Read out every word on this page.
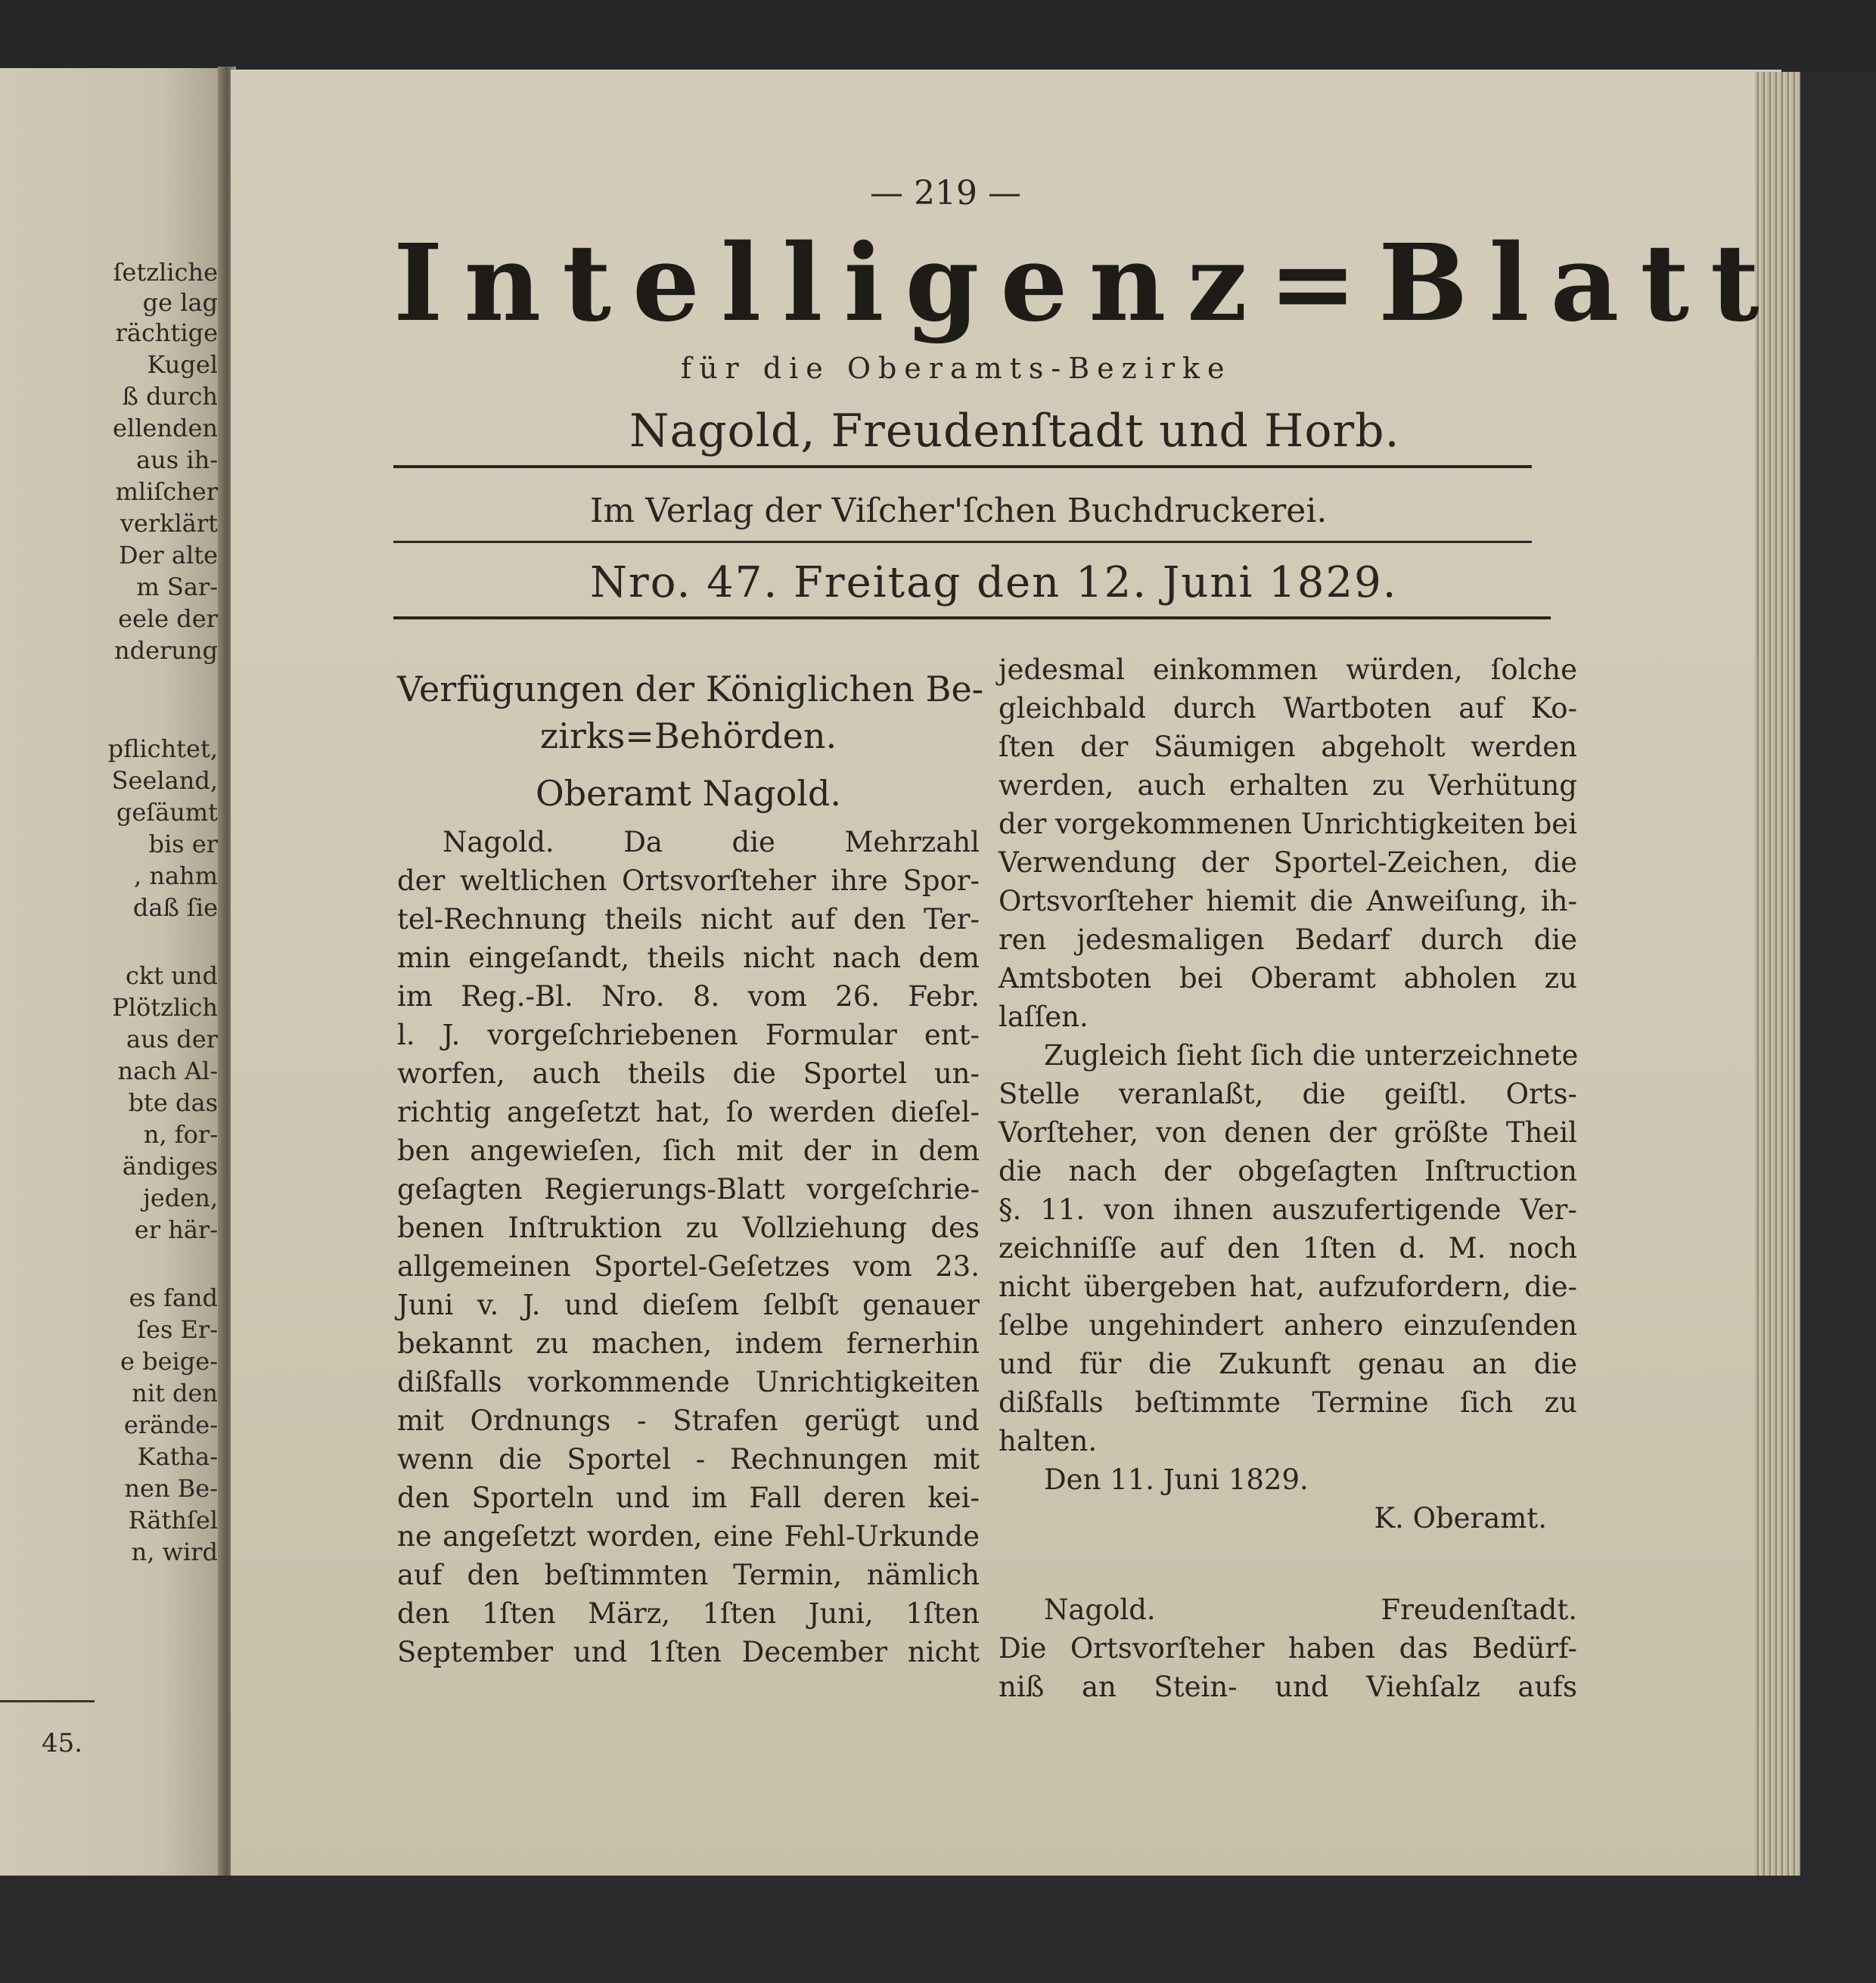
45.
ſetzliche
ge lag
rächtige
Kugel
ß durch
ellenden
aus ih-
mliſcher
verklärt
Der alte
m Sar-
eele der
nderung
pflichtet,
Seeland,
geſäumt
bis er
, nahm
daß ſie
ckt und
Plötzlich
aus der
nach Al-
bte das
n, for-
ändiges
jeden,
er här-
es fand
ſes Er-
e beige-
nit den
erände-
Katha-
nen Be-
Räthſel
n, wird
— 219 —
Intelligenz=Blatt
für die Oberamts-Bezirke
Nagold, Freudenſtadt und Horb.
Im Verlag der Viſcher'ſchen Buchdruckerei.
Nro. 47. Freitag den 12. Juni 1829.
Verfügungen der Königlichen Be-
zirks=Behörden.
Oberamt Nagold.
Nagold. Da die Mehrzahl
der weltlichen Ortsvorſteher ihre Spor-
tel-Rechnung theils nicht auf den Ter-
min eingeſandt, theils nicht nach dem
im Reg.-Bl. Nro. 8. vom 26. Febr.
l. J. vorgeſchriebenen Formular ent-
worfen, auch theils die Sportel un-
richtig angeſetzt hat, ſo werden dieſel-
ben angewieſen, ſich mit der in dem
geſagten Regierungs-Blatt vorgeſchrie-
benen Inſtruktion zu Vollziehung des
allgemeinen Sportel-Geſetzes vom 23.
Juni v. J. und dieſem ſelbſt genauer
bekannt zu machen, indem fernerhin
dißfalls vorkommende Unrichtigkeiten
mit Ordnungs - Strafen gerügt und
wenn die Sportel - Rechnungen mit
den Sporteln und im Fall deren kei-
ne angeſetzt worden, eine Fehl-Urkunde
auf den beſtimmten Termin, nämlich
den 1ſten März, 1ſten Juni, 1ſten
September und 1ſten December nicht
jedesmal einkommen würden, ſolche
gleichbald durch Wartboten auf Ko-
ſten der Säumigen abgeholt werden
werden, auch erhalten zu Verhütung
der vorgekommenen Unrichtigkeiten bei
Verwendung der Sportel-Zeichen, die
Ortsvorſteher hiemit die Anweiſung, ih-
ren jedesmaligen Bedarf durch die
Amtsboten bei Oberamt abholen zu
laſſen.
Zugleich ſieht ſich die unterzeichnete
Stelle veranlaßt, die geiſtl. Orts-
Vorſteher, von denen der größte Theil
die nach der obgeſagten Inſtruction
§. 11. von ihnen auszufertigende Ver-
zeichniſſe auf den 1ſten d. M. noch
nicht übergeben hat, aufzufordern, die-
ſelbe ungehindert anhero einzuſenden
und für die Zukunft genau an die
dißfalls beſtimmte Termine ſich zu
halten.
Den 11. Juni 1829.
K. Oberamt.
Nagold. Freudenſtadt.
Die Ortsvorſteher haben das Bedürf-
niß an Stein- und Viehſalz aufs
